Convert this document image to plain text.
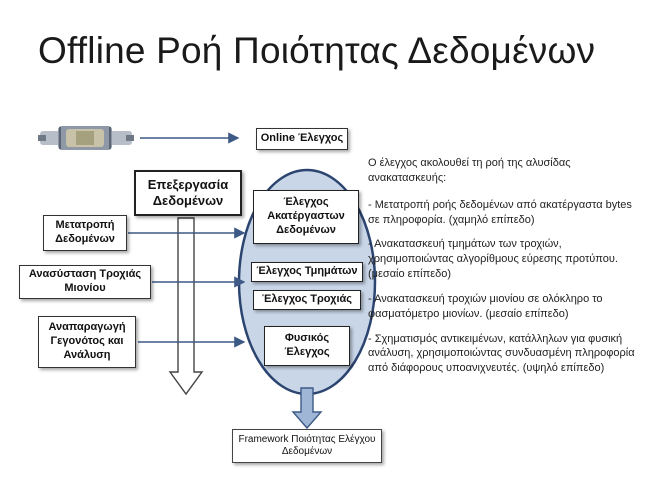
Offline Ροή Ποιότητας Δεδομένων
Online Έλεγχος
Επεξεργασία Δεδομένων
Μετατροπή Δεδομένων
Ανασύσταση Τροχιάς Μιονίου
Αναπαραγωγή Γεγονότος και Ανάλυση
Έλεγχος Ακατέργαστων Δεδομένων
Έλεγχος Τμημάτων
Έλεγχος Τροχιάς
Φυσικός Έλεγχος
Framework Ποιότητας Ελέγχου Δεδομένων

Ο έλεγχος ακολουθεί τη ροή της αλυσίδας ανακατασκευής:

- Μετατροπή ροής δεδομένων από ακατέργαστα bytes σε πληροφορία. (χαμηλό επίπεδο)

- Ανακατασκευή τμημάτων των τροχιών, χρησιμοποιώντας αλγορίθμους εύρεσης προτύπου. (μεσαίο επίπεδο)

- Ανακατασκευή τροχιών μιονίου σε ολόκληρο το φασματόμετρο μιονίων. (μεσαίο επίπεδο)

- Σχηματισμός αντικειμένων, κατάλληλων για φυσική ανάλυση, χρησιμοποιώντας συνδυασμένη πληροφορία από διάφορους υποανιχνευτές. (υψηλό επίπεδο)
